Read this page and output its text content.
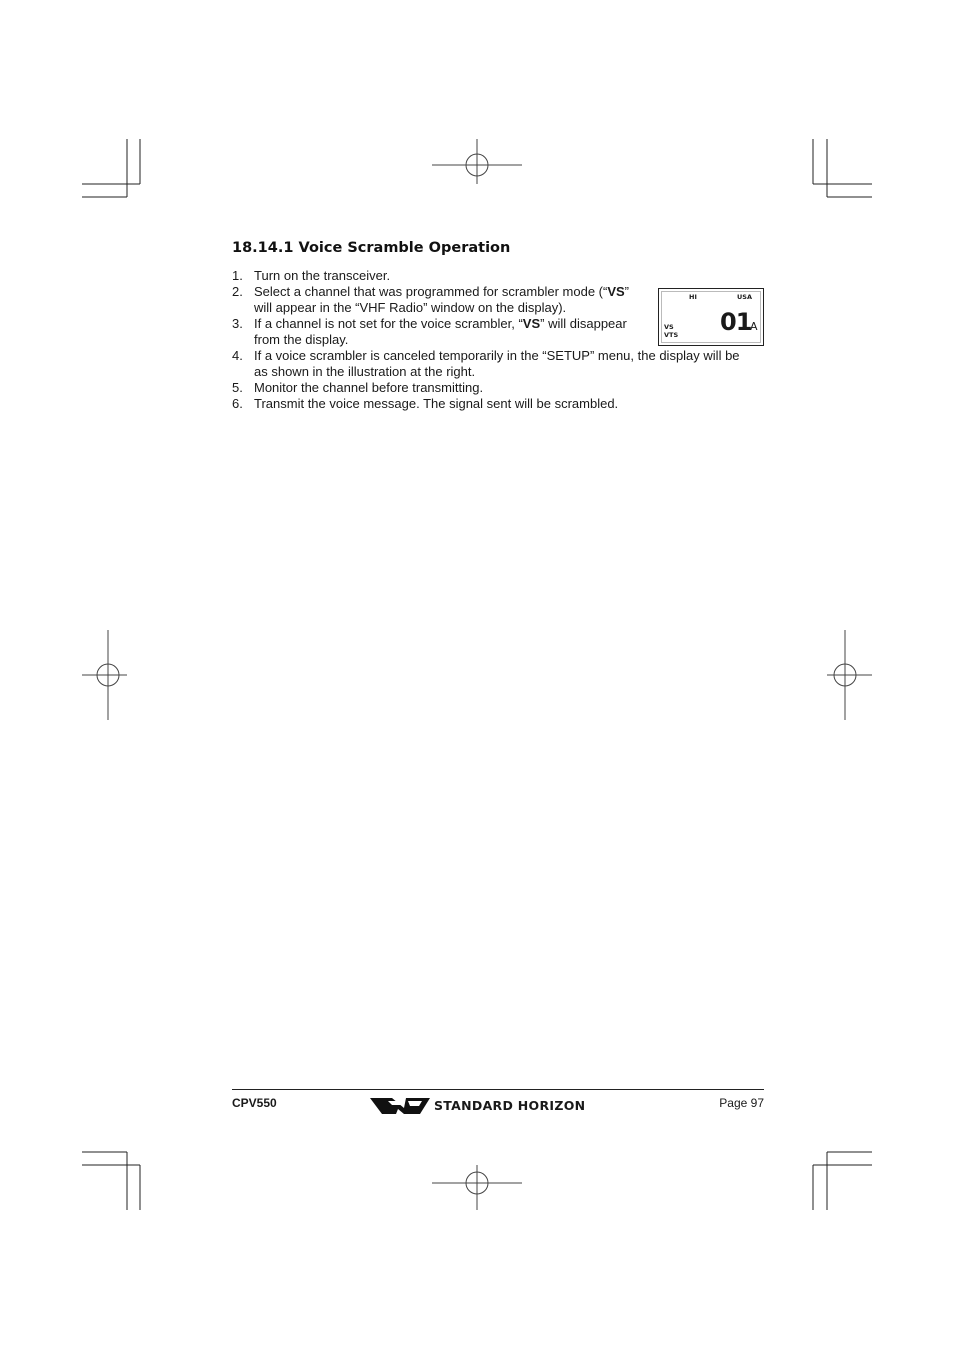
18.14.1 Voice Scramble Operation
1. Turn on the transceiver.
2. Select a channel that was programmed for scrambler mode (“VS”
will appear in the “VHF Radio” window on the display).
3. If a channel is not set for the voice scrambler, “VS” will disappear
from the display.
4. If a voice scrambler is canceled temporarily in the “SETUP” menu, the display will be
as shown in the illustration at the right.
5. Monitor the channel before transmitting.
6. Transmit the voice message. The signal sent will be scrambled.
HI	USA
VS
VTS 01
A
CPV550	STANDARD HORIZON	Page 97
